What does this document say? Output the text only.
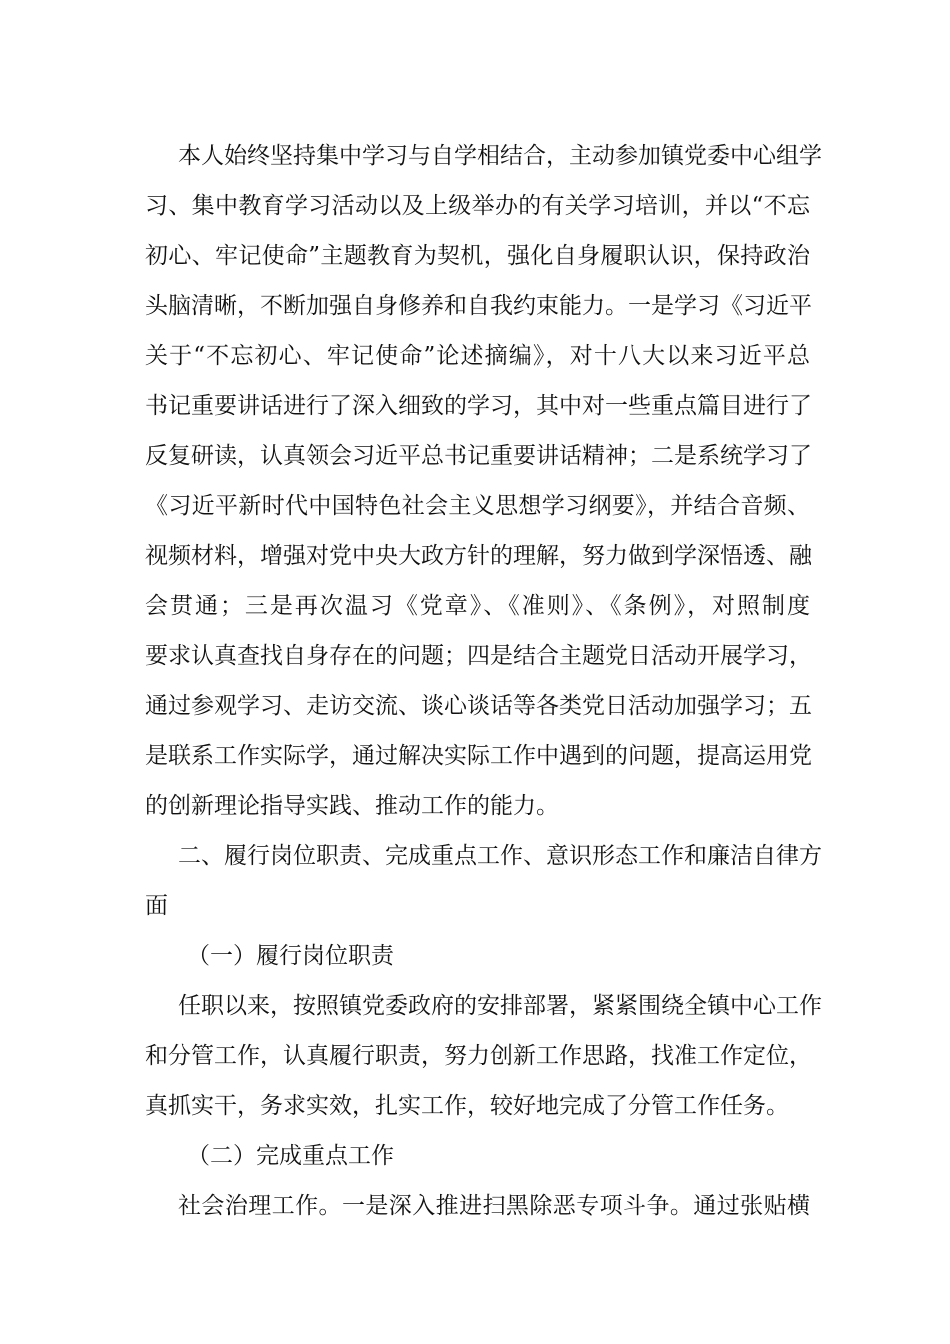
本人始终坚持集中学习与自学相结合，主动参加镇党委中心组学
习、集中教育学习活动以及上级举办的有关学习培训，并以“不忘
初心、牢记使命”主题教育为契机，强化自身履职认识，保持政治
头脑清晰，不断加强自身修养和自我约束能力。一是学习《习近平
关于“不忘初心、牢记使命”论述摘编》，对十八大以来习近平总
书记重要讲话进行了深入细致的学习，其中对一些重点篇目进行了
反复研读，认真领会习近平总书记重要讲话精神；二是系统学习了
《习近平新时代中国特色社会主义思想学习纲要》，并结合音频、
视频材料，增强对党中央大政方针的理解，努力做到学深悟透、融
会贯通；三是再次温习《党章》、《准则》、《条例》，对照制度
要求认真查找自身存在的问题；四是结合主题党日活动开展学习，
通过参观学习、走访交流、谈心谈话等各类党日活动加强学习；五
是联系工作实际学，通过解决实际工作中遇到的问题，提高运用党
的创新理论指导实践、推动工作的能力。
二、履行岗位职责、完成重点工作、意识形态工作和廉洁自律方
面
（一）履行岗位职责
任职以来，按照镇党委政府的安排部署，紧紧围绕全镇中心工作
和分管工作，认真履行职责，努力创新工作思路，找准工作定位，
真抓实干，务求实效，扎实工作，较好地完成了分管工作任务。
（二）完成重点工作
社会治理工作。一是深入推进扫黑除恶专项斗争。通过张贴横
